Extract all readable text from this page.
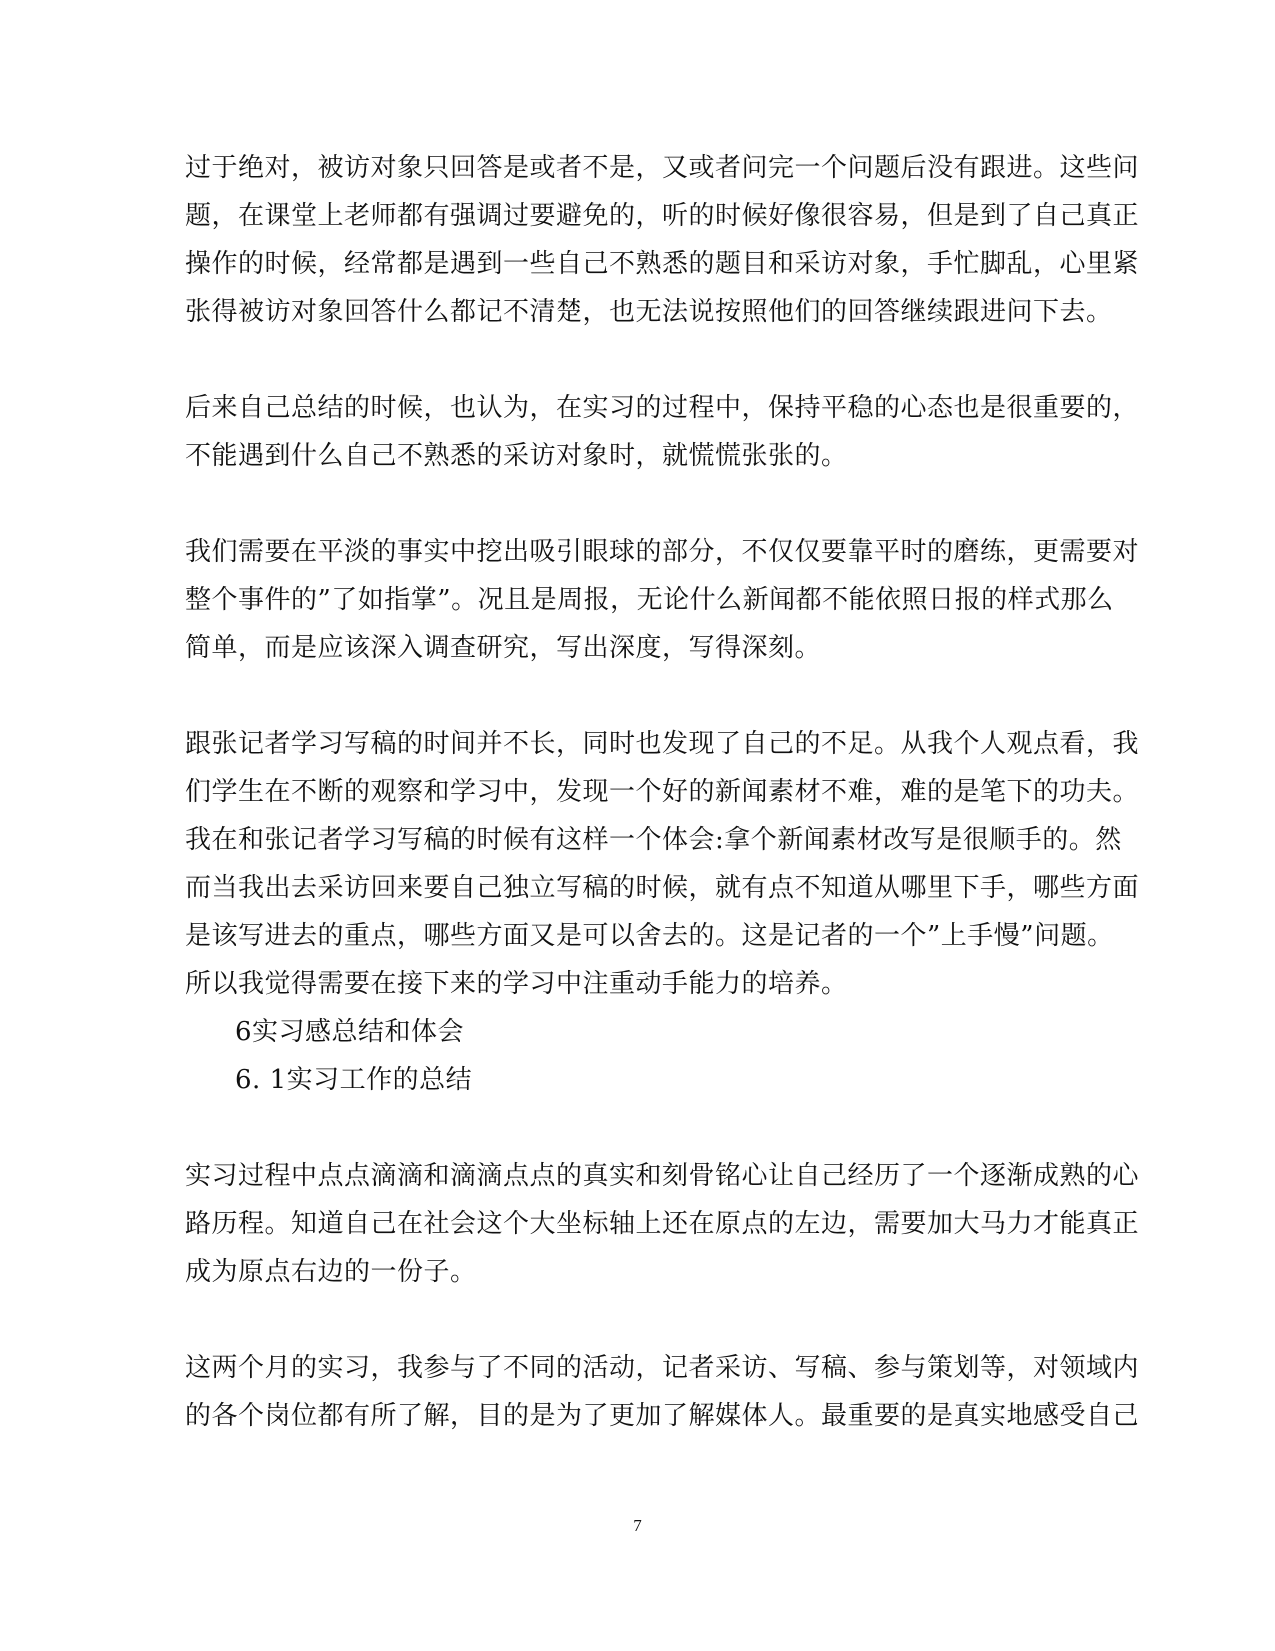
过于绝对，被访对象只回答是或者不是，又或者问完一个问题后没有跟进。这些问
题，在课堂上老师都有强调过要避免的，听的时候好像很容易，但是到了自己真正
操作的时候，经常都是遇到一些自己不熟悉的题目和采访对象，手忙脚乱，心里紧
张得被访对象回答什么都记不清楚，也无法说按照他们的回答继续跟进问下去。
后来自己总结的时候，也认为，在实习的过程中，保持平稳的心态也是很重要的，
不能遇到什么自己不熟悉的采访对象时，就慌慌张张的。
我们需要在平淡的事实中挖出吸引眼球的部分，不仅仅要靠平时的磨练，更需要对
整个事件的”了如指掌”。况且是周报，无论什么新闻都不能依照日报的样式那么
简单，而是应该深入调查研究，写出深度，写得深刻。
跟张记者学习写稿的时间并不长，同时也发现了自己的不足。从我个人观点看，我
们学生在不断的观察和学习中，发现一个好的新闻素材不难，难的是笔下的功夫。
我在和张记者学习写稿的时候有这样一个体会:拿个新闻素材改写是很顺手的。然
而当我出去采访回来要自己独立写稿的时候，就有点不知道从哪里下手，哪些方面
是该写进去的重点，哪些方面又是可以舍去的。这是记者的一个”上手慢”问题。
所以我觉得需要在接下来的学习中注重动手能力的培养。
6实习感总结和体会
6. 1实习工作的总结
实习过程中点点滴滴和滴滴点点的真实和刻骨铭心让自己经历了一个逐渐成熟的心
路历程。知道自己在社会这个大坐标轴上还在原点的左边，需要加大马力才能真正
成为原点右边的一份子。
这两个月的实习，我参与了不同的活动，记者采访、写稿、参与策划等，对领域内
的各个岗位都有所了解，目的是为了更加了解媒体人。最重要的是真实地感受自己
7
